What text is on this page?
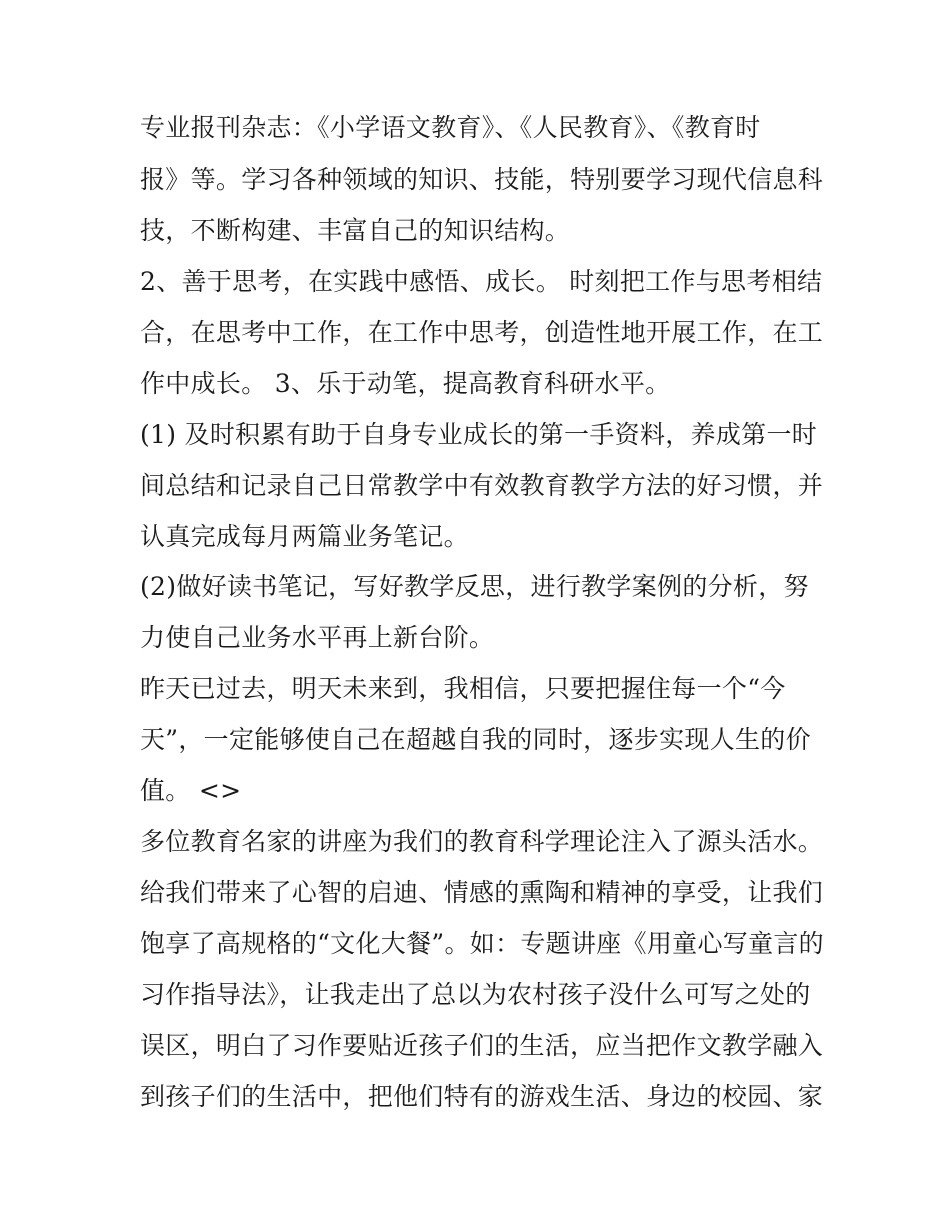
专业报刊杂志：《小学语文教育》、《人民教育》、《教育时
报》等。学习各种领域的知识、技能，特别要学习现代信息科
技，不断构建、丰富自己的知识结构。
2、善于思考，在实践中感悟、成长。 时刻把工作与思考相结
合，在思考中工作，在工作中思考，创造性地开展工作，在工
作中成长。 3、乐于动笔，提高教育科研水平。
(1) 及时积累有助于自身专业成长的第一手资料，养成第一时
间总结和记录自己日常教学中有效教育教学方法的好习惯，并
认真完成每月两篇业务笔记。
(2)做好读书笔记，写好教学反思，进行教学案例的分析，努
力使自己业务水平再上新台阶。
昨天已过去，明天未来到，我相信，只要把握住每一个“今
天”，一定能够使自己在超越自我的同时，逐步实现人生的价
值。 <>
多位教育名家的讲座为我们的教育科学理论注入了源头活水。
给我们带来了心智的启迪、情感的熏陶和精神的享受，让我们
饱享了高规格的“文化大餐”。如：专题讲座《用童心写童言的
习作指导法》，让我走出了总以为农村孩子没什么可写之处的
误区，明白了习作要贴近孩子们的生活，应当把作文教学融入
到孩子们的生活中，把他们特有的游戏生活、身边的校园、家
